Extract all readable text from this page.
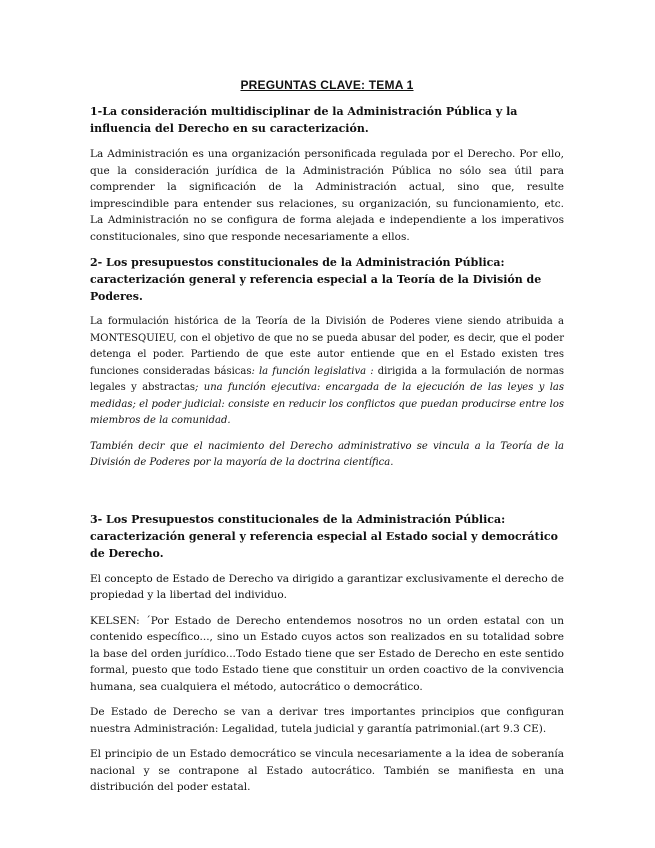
PREGUNTAS CLAVE: TEMA 1
1-La consideración multidisciplinar de la Administración Pública y la influencia del Derecho en su caracterización.
La Administración es una organización personificada regulada por el Derecho. Por ello, que la consideración jurídica de la Administración Pública no sólo sea útil para comprender la significación de la Administración actual, sino que, resulte imprescindible para entender sus relaciones, su organización, su funcionamiento, etc. La Administración no se configura de forma alejada e independiente a los imperativos constitucionales, sino que responde necesariamente a ellos.
2- Los presupuestos constitucionales de la Administración Pública: caracterización general y referencia especial a la Teoría de la División de Poderes.
La formulación histórica de la Teoría de la División de Poderes viene siendo atribuida a MONTESQUIEU, con el objetivo de que no se pueda abusar del poder, es decir, que el poder detenga el poder. Partiendo de que este autor entiende que en el Estado existen tres funciones consideradas básicas: la función legislativa : dirigida a la formulación de normas legales y abstractas; una función ejecutiva: encargada de la ejecución de las leyes y las medidas; el poder judicial: consiste en reducir los conflictos que puedan producirse entre los miembros de la comunidad.
También decir que el nacimiento del Derecho administrativo se vincula a la Teoría de la División de Poderes por la mayoría de la doctrina científica.
3- Los Presupuestos constitucionales de la Administración Pública: caracterización general y referencia especial al Estado social y democrático de Derecho.
El concepto de Estado de Derecho va dirigido a garantizar exclusivamente el derecho de propiedad y la libertad del individuo.
KELSEN: ´Por Estado de Derecho entendemos nosotros no un orden estatal con un contenido específico..., sino un Estado cuyos actos son realizados en su totalidad sobre la base del orden jurídico...Todo Estado tiene que ser Estado de Derecho en este sentido formal, puesto que todo Estado tiene que constituir un orden coactivo de la convivencia humana, sea cualquiera el método, autocrático o democrático.
De Estado de Derecho se van a derivar tres importantes principios que configuran nuestra Administración: Legalidad, tutela judicial y garantía patrimonial.(art 9.3 CE).
El principio de un Estado democrático se vincula necesariamente a la idea de soberanía nacional y se contrapone al Estado autocrático. También se manifiesta en una distribución del poder estatal.
